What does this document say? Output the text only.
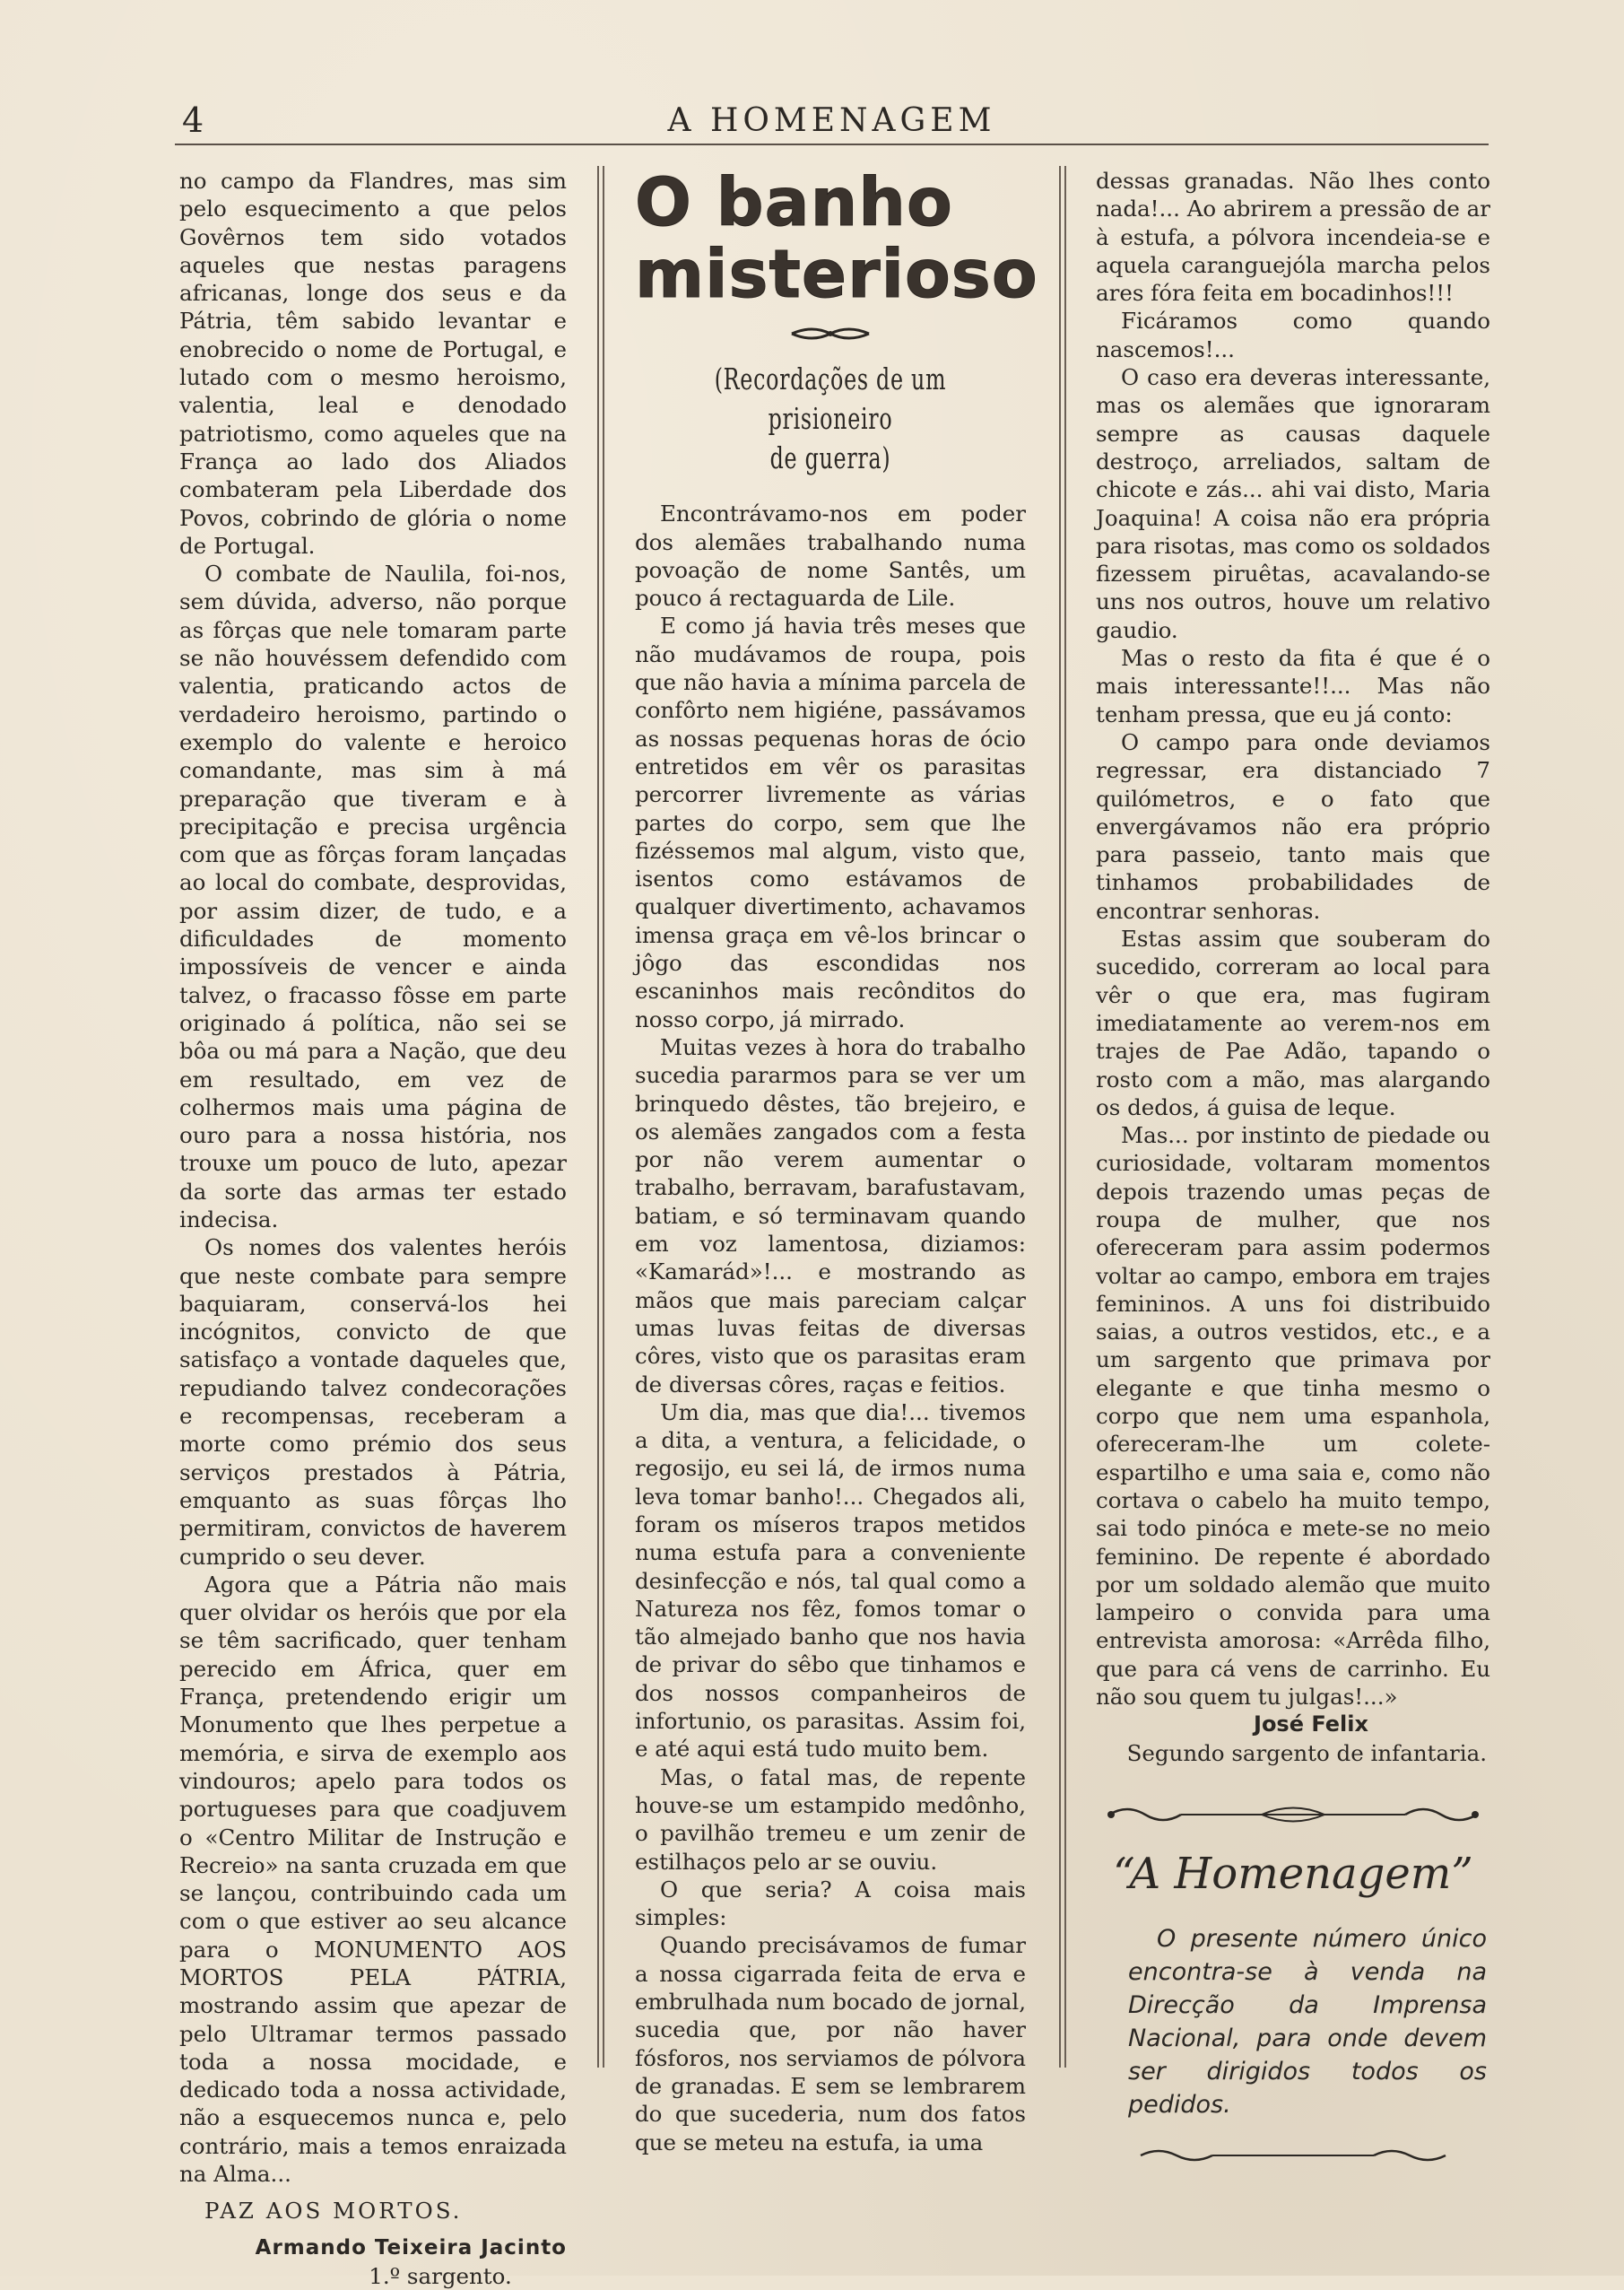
4	A HOMENAGEM

no campo da Flandres, mas sim pelo esquecimento a que pelos Govêrnos tem sido votados aqueles que nestas paragens africanas, longe dos seus e da Pátria, têm sabido levantar e enobrecido o nome de Portugal, e lutado com o mesmo heroismo, valentia, leal e denodado patriotismo, como aqueles que na França ao lado dos Aliados combateram pela Liberdade dos Povos, cobrindo de glória o nome de Portugal.

O combate de Naulila, foi-nos, sem dúvida, adverso, não porque as fôrças que nele tomaram parte se não houvéssem defendido com valentia, praticando actos de verdadeiro heroismo, partindo o exemplo do valente e heroico comandante, mas sim à má preparação que tiveram e à precipitação e precisa urgência com que as fôrças foram lançadas ao local do combate, desprovidas, por assim dizer, de tudo, e a dificuldades de momento impossíveis de vencer e ainda talvez, o fracasso fôsse em parte originado á política, não sei se bôa ou má para a Nação, que deu em resultado, em vez de colhermos mais uma página de ouro para a nossa história, nos trouxe um pouco de luto, apezar da sorte das armas ter estado indecisa.

Os nomes dos valentes heróis que neste combate para sempre baquiaram, conservá-los hei incógnitos, convicto de que satisfaço a vontade daqueles que, repudiando talvez condecorações e recompensas, receberam a morte como prémio dos seus serviços prestados à Pátria, emquanto as suas fôrças lho permitiram, convictos de haverem cumprido o seu dever.

Agora que a Pátria não mais quer olvidar os heróis que por ela se têm sacrificado, quer tenham perecido em África, quer em França, pretendendo erigir um Monumento que lhes perpetue a memória, e sirva de exemplo aos vindouros; apelo para todos os portugueses para que coadjuvem o «Centro Militar de Instrução e Recreio» na santa cruzada em que se lançou, contribuindo cada um com o que estiver ao seu alcance para o MONUMENTO AOS MORTOS PELA PÁTRIA, mostrando assim que apezar de pelo Ultramar termos passado toda a nossa mocidade, e dedicado toda a nossa actividade, não a esquecemos nunca e, pelo contrário, mais a temos enraizada na Alma...

PAZ AOS MORTOS.

Armando Teixeira Jacinto

1.º sargento.

O banho
misterioso
(Recordações de um prisioneiro
de guerra)

Encontrávamo-nos em poder dos alemães trabalhando numa povoação de nome Santês, um pouco á rectaguarda de Lile.

E como já havia três meses que não mudávamos de roupa, pois que não havia a mínima parcela de confôrto nem higiéne, passávamos as nossas pequenas horas de ócio entretidos em vêr os parasitas percorrer livremente as várias partes do corpo, sem que lhe fizéssemos mal algum, visto que, isentos como estávamos de qualquer divertimento, achavamos imensa graça em vê-los brincar o jôgo das escondidas nos escaninhos mais recônditos do nosso corpo, já mirrado.

Muitas vezes à hora do trabalho sucedia pararmos para se ver um brinquedo dêstes, tão brejeiro, e os alemães zangados com a festa por não verem aumentar o trabalho, berravam, barafustavam, batiam, e só terminavam quando em voz lamentosa, diziamos: «Kamarád»!... e mostrando as mãos que mais pareciam calçar umas luvas feitas de diversas côres, visto que os parasitas eram de diversas côres, raças e feitios.

Um dia, mas que dia!... tivemos a dita, a ventura, a felicidade, o regosijo, eu sei lá, de irmos numa leva tomar banho!... Chegados ali, foram os míseros trapos metidos numa estufa para a conveniente desinfecção e nós, tal qual como a Natureza nos fêz, fomos tomar o tão almejado banho que nos havia de privar do sêbo que tinhamos e dos nossos companheiros de infortunio, os parasitas. Assim foi, e até aqui está tudo muito bem.

Mas, o fatal mas, de repente houve-se um estampido medônho, o pavilhão tremeu e um zenir de estilhaços pelo ar se ouviu.

O que seria? A coisa mais simples:

Quando precisávamos de fumar a nossa cigarrada feita de erva e embrulhada num bocado de jornal, sucedia que, por não haver fósforos, nos serviamos de pólvora de granadas. E sem se lembrarem do que sucederia, num dos fatos que se meteu na estufa, ia uma

dessas granadas. Não lhes conto nada!... Ao abrirem a pressão de ar à estufa, a pólvora incendeia-se e aquela caranguejóla marcha pelos ares fóra feita em bocadinhos!!!

Ficáramos como quando nascemos!...

O caso era deveras interessante, mas os alemães que ignoraram sempre as causas daquele destroço, arreliados, saltam de chicote e zás... ahi vai disto, Maria Joaquina! A coisa não era própria para risotas, mas como os soldados fizessem piruêtas, acavalando-se uns nos outros, houve um relativo gaudio.

Mas o resto da fita é que é o mais interessante!!... Mas não tenham pressa, que eu já conto:

O campo para onde deviamos regressar, era distanciado 7 quilómetros, e o fato que envergávamos não era próprio para passeio, tanto mais que tinhamos probabilidades de encontrar senhoras.

Estas assim que souberam do sucedido, correram ao local para vêr o que era, mas fugiram imediatamente ao verem-nos em trajes de Pae Adão, tapando o rosto com a mão, mas alargando os dedos, á guisa de leque.

Mas... por instinto de piedade ou curiosidade, voltaram momentos depois trazendo umas peças de roupa de mulher, que nos ofereceram para assim podermos voltar ao campo, embora em trajes femininos. A uns foi distribuido saias, a outros vestidos, etc., e a um sargento que primava por elegante e que tinha mesmo o corpo que nem uma espanhola, ofereceram-lhe um colete-espartilho e uma saia e, como não cortava o cabelo ha muito tempo, sai todo pinóca e mete-se no meio feminino. De repente é abordado por um soldado alemão que muito lampeiro o convida para uma entrevista amorosa: «Arrêda filho, que para cá vens de carrinho. Eu não sou quem tu julgas!...»

José Felix

Segundo sargento de infantaria.

“A Homenagem”
O presente número único encontra-se à venda na Direcção da Imprensa Nacional, para onde devem ser dirigidos todos os pedidos.
